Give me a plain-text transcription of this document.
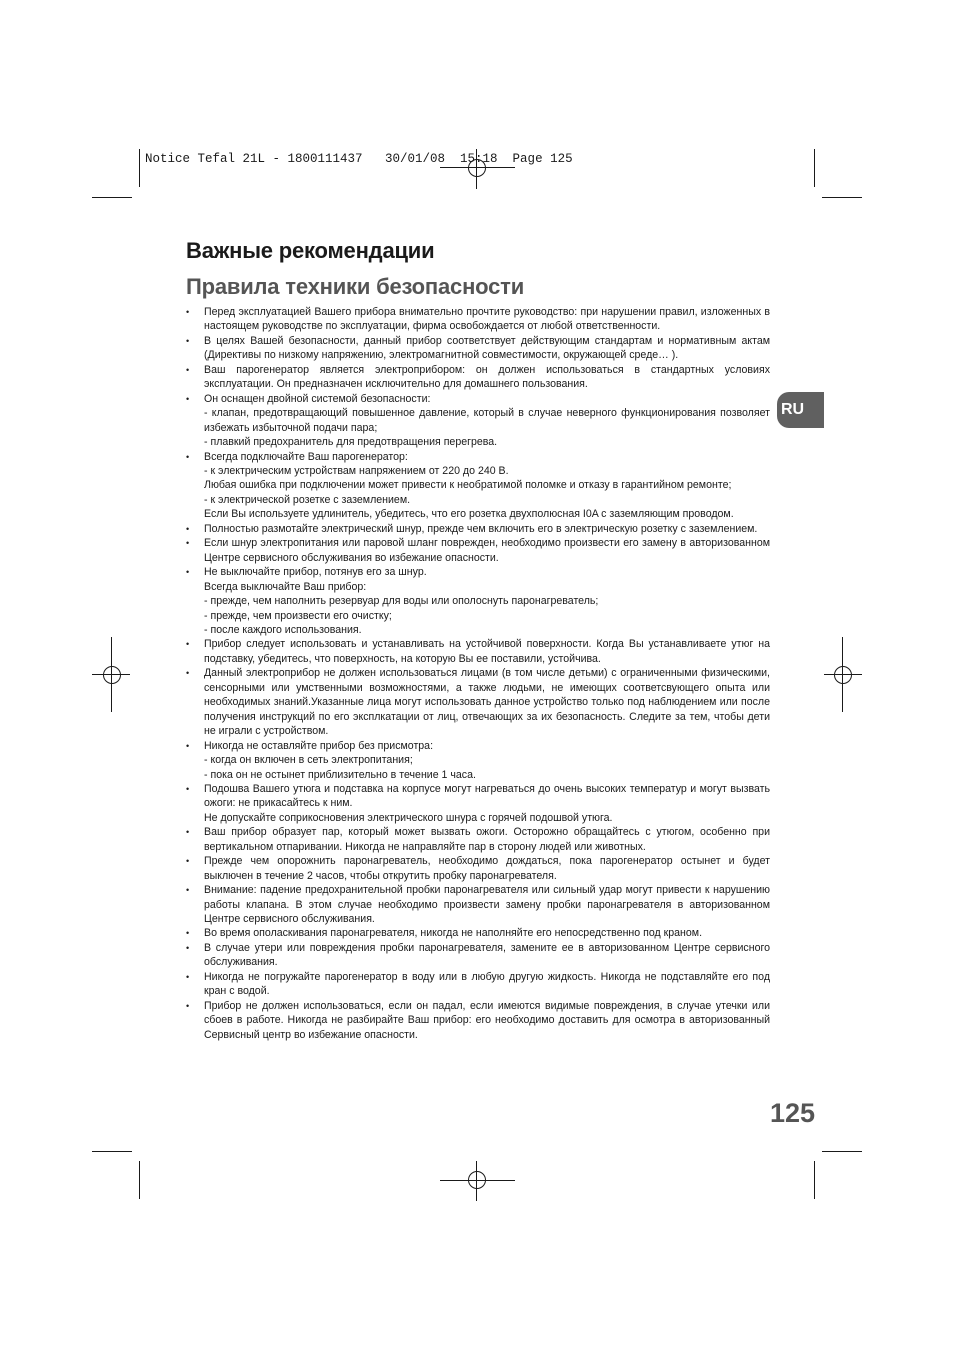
Notice Tefal 21L - 1800111437   30/01/08  15:18  Page 125
Важные рекомендации
Правила техники безопасности
• Перед эксплуатацией Вашего прибора внимательно прочтите руководство: при нарушении правил, изложенных в настоящем руководстве по эксплуатации, фирма освобождается от любой ответственности.
• В целях Вашей безопасности, данный прибор соответствует действующим стандартам и нормативным актам (Директивы по низкому напряжению, электромагнитной совместимости, окружающей среде… ).
• Ваш парогенератор является электроприбором: он должен использоваться в стандартных условиях эксплуатации. Он предназначен исключительно для домашнего пользования.
• Он оснащен двойной системой безопасности:
- клапан, предотвращающий повышенное давление, который в случае неверного функционирования позволяет избежать избыточной подачи пара;
- плавкий предохранитель для предотвращения перегрева.
• Всегда подключайте Ваш парогенератор:
- к электрическим устройствам напряжением от 220 до 240 В.
Любая ошибка при подключении может привести к необратимой поломке и отказу в гарантийном ремонте;
- к электрической розетке с заземлением.
Если Вы используете удлинитель, убедитесь, что его розетка двухполюсная I0A с заземляющим проводом.
• Полностью размотайте электрический шнур, прежде чем включить его в электрическую розетку с заземлением.
• Если шнур электропитания или паровой шланг поврежден, необходимо произвести его замену в авторизованном Центре сервисного обслуживания во избежание опасности.
• Не выключайте прибор, потянув его за шнур.
Всегда выключайте Ваш прибор:
- прежде, чем наполнить резервуар для воды или ополоснуть паронагреватель;
- прежде, чем произвести его очистку;
- после каждого использования.
• Прибор следует использовать и устанавливать на устойчивой поверхности. Когда Вы устанавливаете утюг на подставку, убедитесь, что поверхность, на которую Вы ее поставили, устойчива.
• Данный электроприбор не должен использоваться лицами (в том числе детьми) с ограниченными физическими, сенсорными или умственными возможностями, а также людьми, не имеющих соответсвующего опыта или необходимых знаний.Указанные лица могут использовать данное устройство только под наблюдением или после получения инструкций по его эксплкатации от лиц, отвечающих за их безопасность. Следите за тем, чтобы дети не играли с устройством.
• Никогда не оставляйте прибор без присмотра:
- когда он включен в сеть электропитания;
- пока он не остынет приблизительно в течение 1 часа.
• Подошва Вашего утюга и подставка на корпусе могут нагреваться до очень высоких температур и могут вызвать ожоги: не прикасайтесь к ним.
Не допускайте соприкосновения электрического шнура с горячей подошвой утюга.
• Ваш прибор образует пар, который может вызвать ожоги. Осторожно обращайтесь с утюгом, особенно при вертикальном отпаривании. Никогда не направляйте пар в сторону людей или животных.
• Прежде чем опорожнить парoнагреватель, необходимо дождаться, пока парогенератор остынет и будет выключен в течение 2 часов, чтобы открутить пробку парoнагревателя.
• Внимание: падение предохранительной пробки паронагревателя или сильный удар могут привести к нарушению работы клапана. В этом случае необходимо произвести замену пробки паронагревателя в авторизованном Центре сервисного обслуживания.
• Во время ополаскивания паронагревателя, никогда не наполняйте его непосредственно под краном.
• В случае утери или повреждения пробки паронагревателя, замените ее в авторизованном Центре сервисного обслуживания.
• Никогда не погружайте парогенератор в воду или в любую другую жидкость. Никогда не подставляйте его под кран с водой.
• Прибор не должен использоваться, если он падал, если имеются видимые повреждения, в случае утечки или сбоев в работе. Никогда не разбирайте Ваш прибор: его необходимо доставить для осмотра в авторизованный Сервисный центр во избежание опасности.
RU
125
